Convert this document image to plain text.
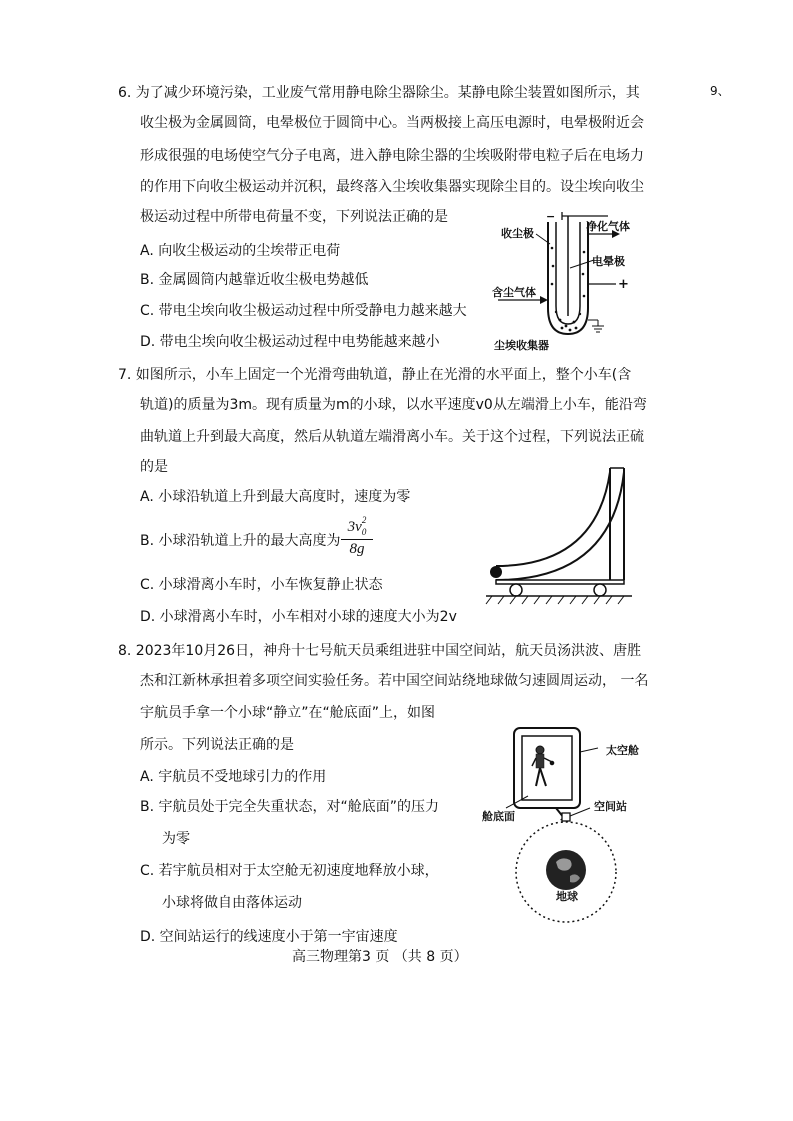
9、
6. 为了减少环境污染，工业废气常用静电除尘器除尘。某静电除尘装置如图所示，其
收尘极为金属圆筒，电晕极位于圆筒中心。当两极接上高压电源时，电晕极附近会
形成很强的电场使空气分子电离，进入静电除尘器的尘埃吸附带电粒子后在电场力
的作用下向收尘极运动并沉积，最终落入尘埃收集器实现除尘目的。设尘埃向收尘
极运动过程中所带电荷量不变，下列说法正确的是
A. 向收尘极运动的尘埃带正电荷
B. 金属圆筒内越靠近收尘极电势越低
C. 带电尘埃向收尘极运动过程中所受静电力越来越大
D. 带电尘埃向收尘极运动过程中电势能越来越小
收尘极
净化气体
电晕极
含尘气体
尘埃收集器
−
+
7. 如图所示，小车上固定一个光滑弯曲轨道，静止在光滑的水平面上，整个小车(含
轨道)的质量为3m。现有质量为m的小球，以水平速度v0从左端滑上小车，能沿弯
曲轨道上升到最大高度，然后从轨道左端滑离小车。关于这个过程，下列说法正硫
的是
A. 小球沿轨道上升到最大高度时，速度为零
B. 小球沿轨道上升的最大高度为
$3v_0$
2
8g
C. 小球滑离小车时，小车恢复静止状态
D. 小球滑离小车时，小车相对小球的速度大小为2v
8. 2023年10月26日，神舟十七号航天员乘组进驻中国空间站，航天员汤洪波、唐胜
杰和江新林承担着多项空间实验任务。若中国空间站绕地球做匀速圆周运动， 一名
宇航员手拿一个小球“静立”在“舱底面”上，如图
所示。下列说法正确的是
A. 宇航员不受地球引力的作用
B. 宇航员处于完全失重状态，对“舱底面”的压力
为零
C. 若宇航员相对于太空舱无初速度地释放小球，
小球将做自由落体运动
D. 空间站运行的线速度小于第一宇宙速度
太空舱
空间站
舱底面
地球
高三物理第3 页 （共 8 页）
